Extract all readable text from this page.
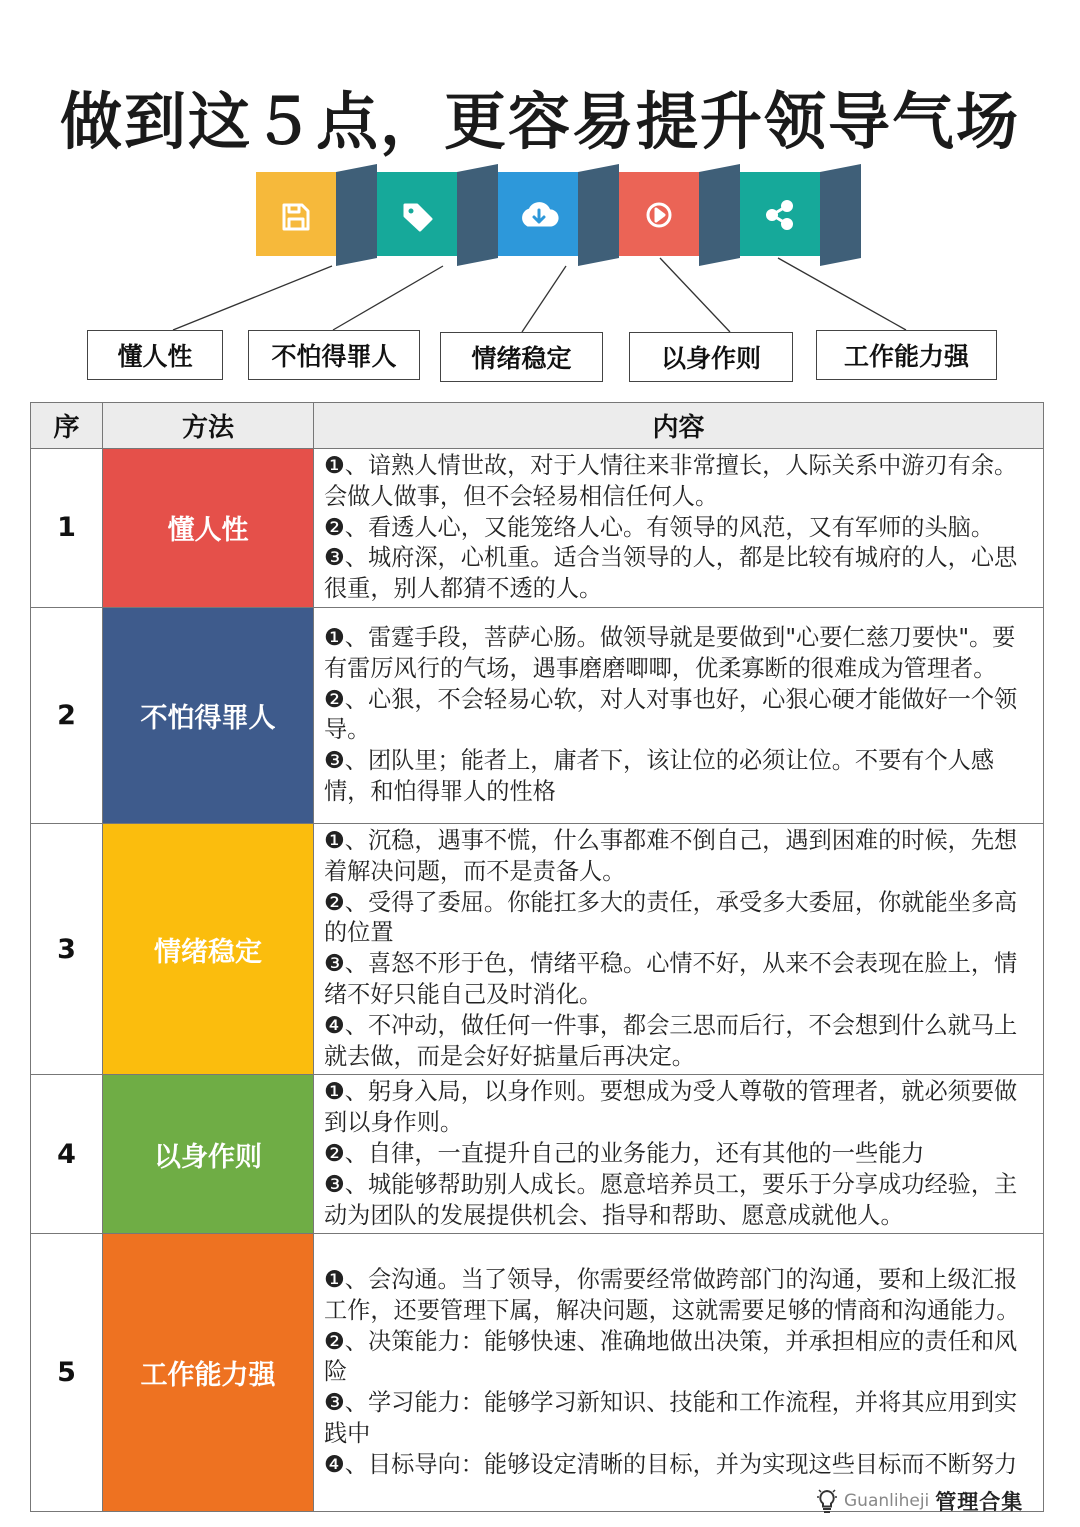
做到这５点，更容易提升领导气场
懂人性	不怕得罪人	情绪稳定	以身作则	工作能力强
序	方法	内容
1	懂人性	❶、谙熟人情世故，对于人情往来非常擅长，人际关系中游刃有余。 会做人做事，但不会轻易相信任何人。

❷、看透人心，又能笼络人心。有领导的风范，又有军师的头脑。

❸、城府深，心机重。适合当领导的人，都是比较有城府的人，心思很重，别人都猜不透的人。

2	不怕得罪人	❶、雷霆手段，菩萨心肠。做领导就是要做到"心要仁慈刀要快"。要有雷厉风行的气场，遇事磨磨唧唧，优柔寡断的很难成为管理者。

❷、心狠，不会轻易心软，对人对事也好，心狠心硬才能做好一个领导。

❸、团队里；能者上，庸者下，该让位的必须让位。不要有个人感情，和怕得罪人的性格

3	情绪稳定	❶、沉稳，遇事不慌，什么事都难不倒自己，遇到困难的时候，先想着解决问题，而不是责备人。

❷、受得了委屈。你能扛多大的责任，承受多大委屈，你就能坐多高的位置

❸、喜怒不形于色，情绪平稳。心情不好，从来不会表现在脸上，情绪不好只能自己及时消化。

❹、不冲动，做任何一件事，都会三思而后行，不会想到什么就马上就去做，而是会好好掂量后再决定。

4	以身作则	❶、躬身入局，以身作则。要想成为受人尊敬的管理者，就必须要做到以身作则。

❷、自律，一直提升自己的业务能力，还有其他的一些能力

❸、城能够帮助别人成长。愿意培养员工，要乐于分享成功经验，主动为团队的发展提供机会、指导和帮助、愿意成就他人。

5	工作能力强	❶、会沟通。当了领导，你需要经常做跨部门的沟通，要和上级汇报工作，还要管理下属，解决问题，这就需要足够的情商和沟通能力。

❷、决策能力：能够快速、准确地做出决策，并承担相应的责任和风险

❸、学习能力：能够学习新知识、技能和工作流程，并将其应用到实践中

❹、目标导向：能够设定清晰的目标，并为实现这些目标而不断努力

Guanliheji 管理合集
